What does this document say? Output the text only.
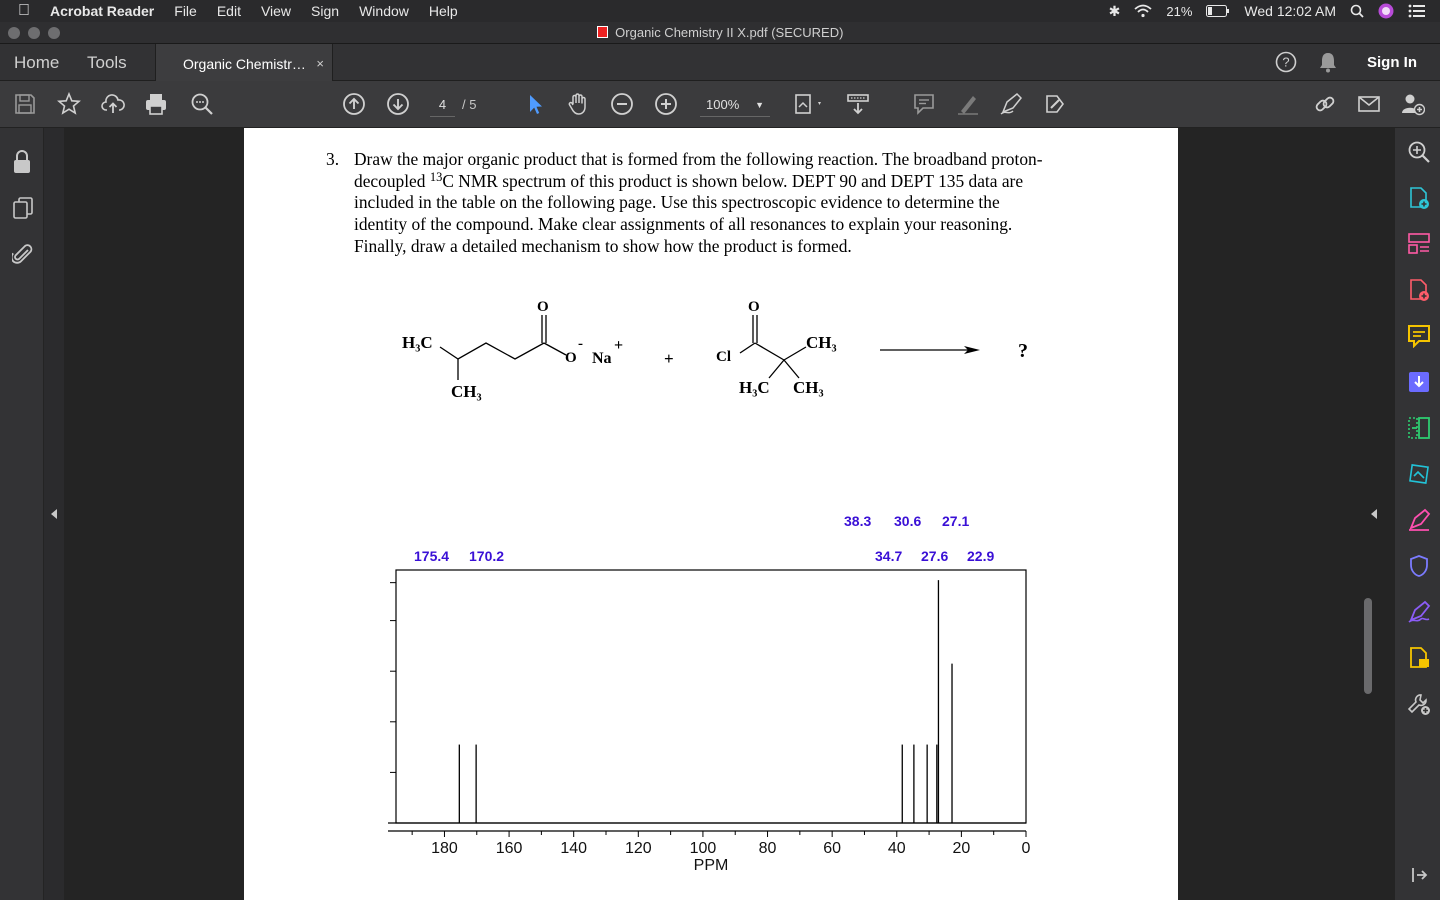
Acrobat Reader	File	Edit	View	Sign	Window	Help	✱	21%	Wed 12:02 AM
Organic Chemistry II X.pdf (SECURED)
Home Tools	Organic Chemistr… ×	?	Sign In
4	/ 5	100% ▼
3. Draw the major organic product that is formed from the following reaction. The broadband proton-
decoupled $^{13}$C NMR spectrum of this product is shown below. DEPT 90 and DEPT 135 data are
included in the table on the following page. Use this spectroscopic evidence to determine the
identity of the compound. Make clear assignments of all resonances to explain your reasoning.
Finally, draw a detailed mechanism to show how the product is formed.
H₃C
CH₃
O
O
-
Na
+
+
O
Cl
CH₃
H₃C CH₃
?
180 160 140 120 100	80	60	40	20	0
PPM
175.4 170.2
38.3
34.7
30.6
27.6
27.1
22.9
